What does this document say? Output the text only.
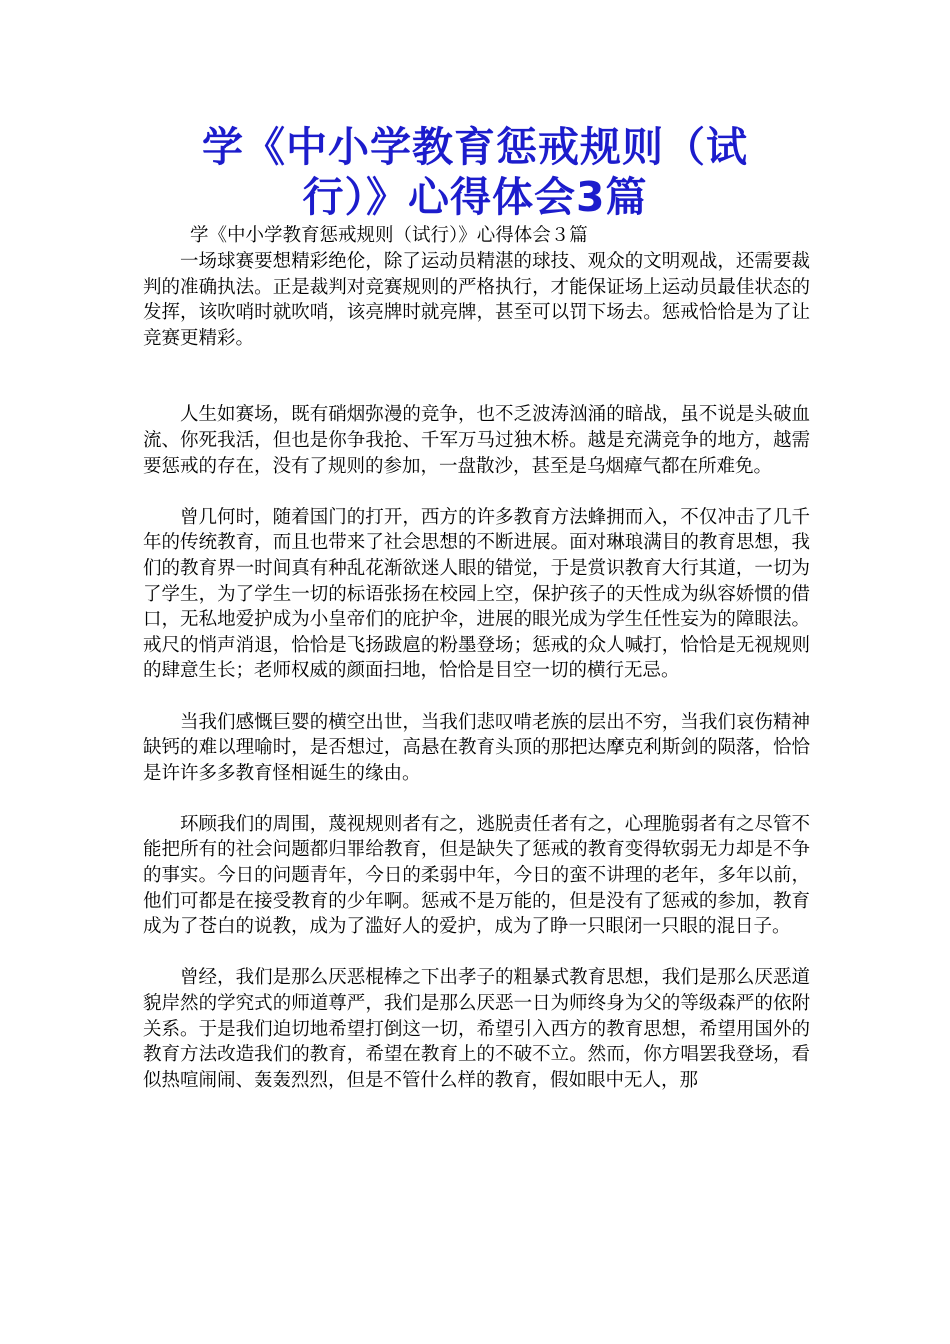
学《中小学教育惩戒规则（试
行）》心得体会3篇
学《中小学教育惩戒规则（试行）》心得体会３篇

一场球赛要想精彩绝伦，除了运动员精湛的球技、观众的文明观战，还需要裁判的准确执法。正是裁判对竞赛规则的严格执行，才能保证场上运动员最佳状态的发挥，该吹哨时就吹哨，该亮牌时就亮牌，甚至可以罚下场去。惩戒恰恰是为了让竞赛更精彩。

人生如赛场，既有硝烟弥漫的竞争，也不乏波涛汹涌的暗战，虽不说是头破血流、你死我活，但也是你争我抢、千军万马过独木桥。越是充满竞争的地方，越需要惩戒的存在，没有了规则的参加，一盘散沙，甚至是乌烟瘴气都在所难免。

曾几何时，随着国门的打开，西方的许多教育方法蜂拥而入，不仅冲击了几千年的传统教育，而且也带来了社会思想的不断进展。面对琳琅满目的教育思想，我们的教育界一时间真有种乱花渐欲迷人眼的错觉，于是赏识教育大行其道，一切为了学生，为了学生一切的标语张扬在校园上空，保护孩子的天性成为纵容娇惯的借口，无私地爱护成为小皇帝们的庇护伞，进展的眼光成为学生任性妄为的障眼法。戒尺的悄声消退，恰恰是飞扬跋扈的粉墨登场；惩戒的众人喊打，恰恰是无视规则的肆意生长；老师权威的颜面扫地，恰恰是目空一切的横行无忌。

当我们感慨巨婴的横空出世，当我们悲叹啃老族的层出不穷，当我们哀伤精神缺钙的难以理喻时，是否想过，高悬在教育头顶的那把达摩克利斯剑的陨落，恰恰是许许多多教育怪相诞生的缘由。

环顾我们的周围，蔑视规则者有之，逃脱责任者有之，心理脆弱者有之尽管不能把所有的社会问题都归罪给教育，但是缺失了惩戒的教育变得软弱无力却是不争的事实。今日的问题青年，今日的柔弱中年，今日的蛮不讲理的老年，多年以前，他们可都是在接受教育的少年啊。惩戒不是万能的，但是没有了惩戒的参加，教育成为了苍白的说教，成为了滥好人的爱护，成为了睁一只眼闭一只眼的混日子。

曾经，我们是那么厌恶棍棒之下出孝子的粗暴式教育思想，我们是那么厌恶道貌岸然的学究式的师道尊严，我们是那么厌恶一日为师终身为父的等级森严的依附关系。于是我们迫切地希望打倒这一切，希望引入西方的教育思想，希望用国外的教育方法改造我们的教育，希望在教育上的不破不立。然而，你方唱罢我登场，看似热喧闹闹、轰轰烈烈，但是不管什么样的教育，假如眼中无人，那
